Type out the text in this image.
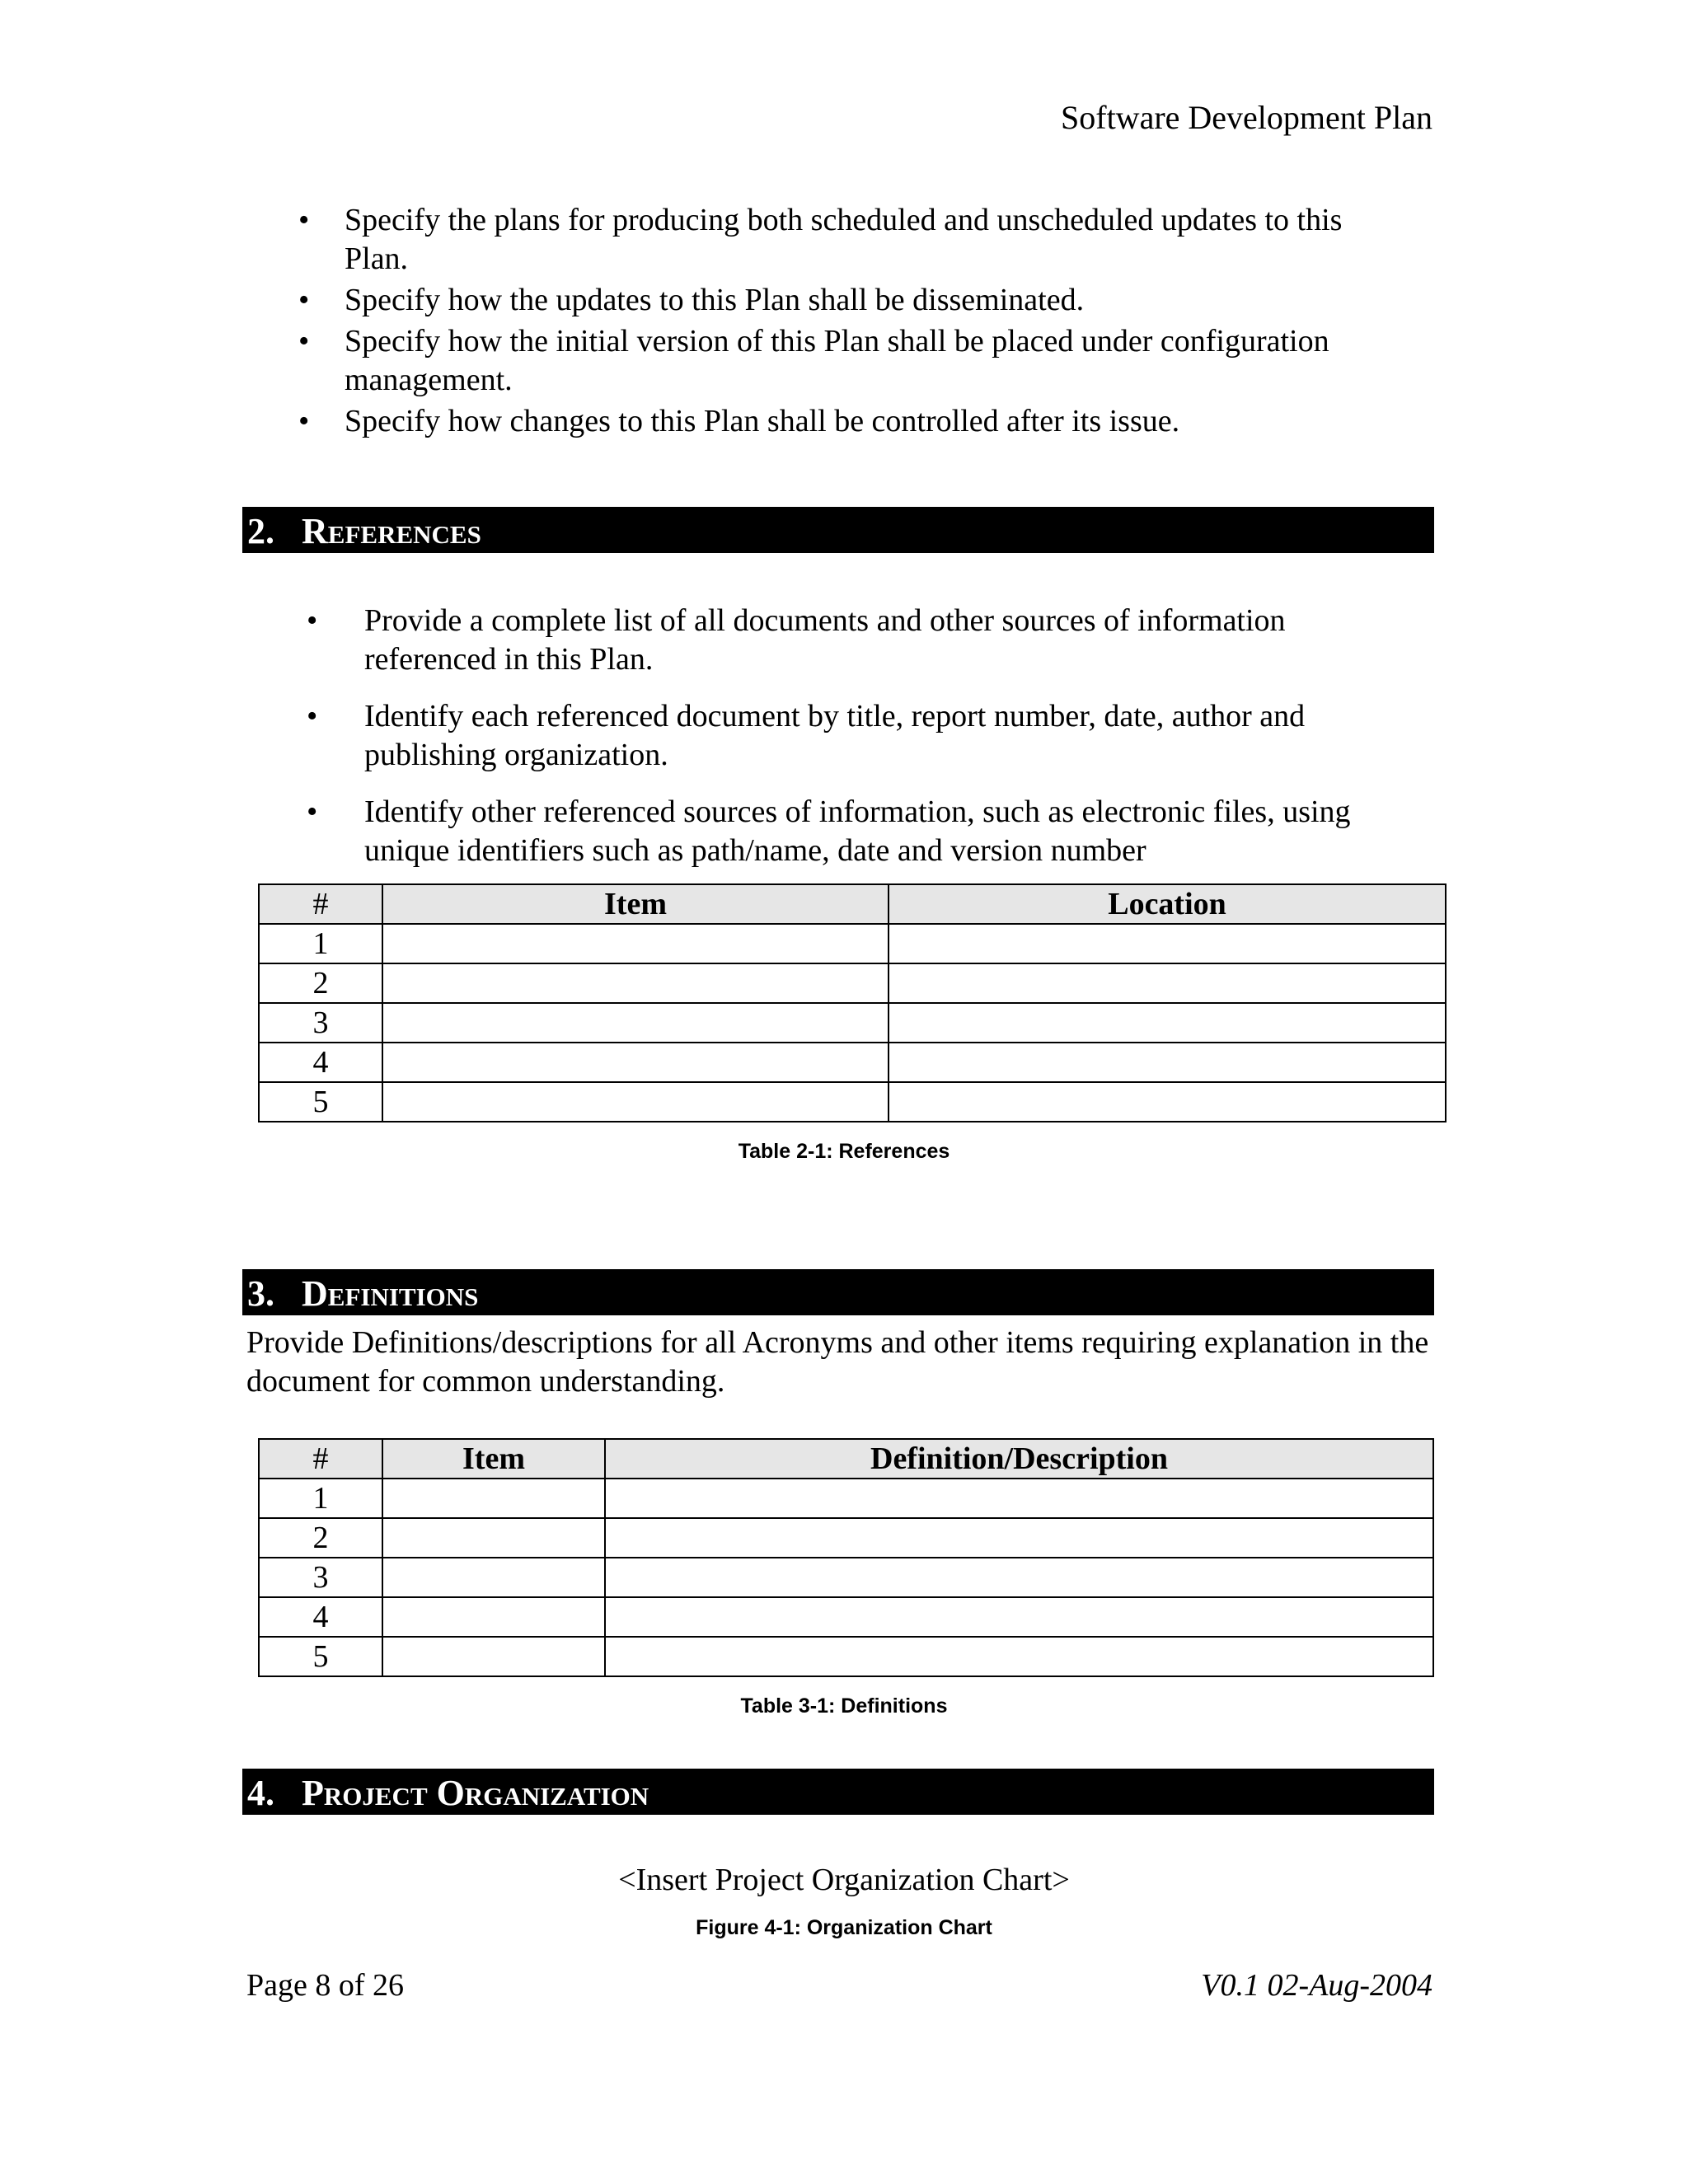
Software Development Plan
• Specify the plans for producing both scheduled and unscheduled updates to this Plan.
• Specify how the updates to this Plan shall be disseminated.
• Specify how the initial version of this Plan shall be placed under configuration management.
• Specify how changes to this Plan shall be controlled after its issue.
2. References
• Provide a complete list of all documents and other sources of information referenced in this Plan.
• Identify each referenced document by title, report number, date, author and publishing organization.
• Identify other referenced sources of information, such as electronic files, using unique identifiers such as path/name, date and version number
#	Item	Location
1		
2		
3		
4		
5		
Table 2-1: References
3. Definitions
Provide Definitions/descriptions for all Acronyms and other items requiring explanation in the document for common understanding.
#	Item	Definition/Description
1		
2		
3		
4		
5		
Table 3-1: Definitions
4. Project Organization
<Insert Project Organization Chart>
Figure 4-1: Organization Chart
Page 8 of 26	V0.1 02-Aug-2004
